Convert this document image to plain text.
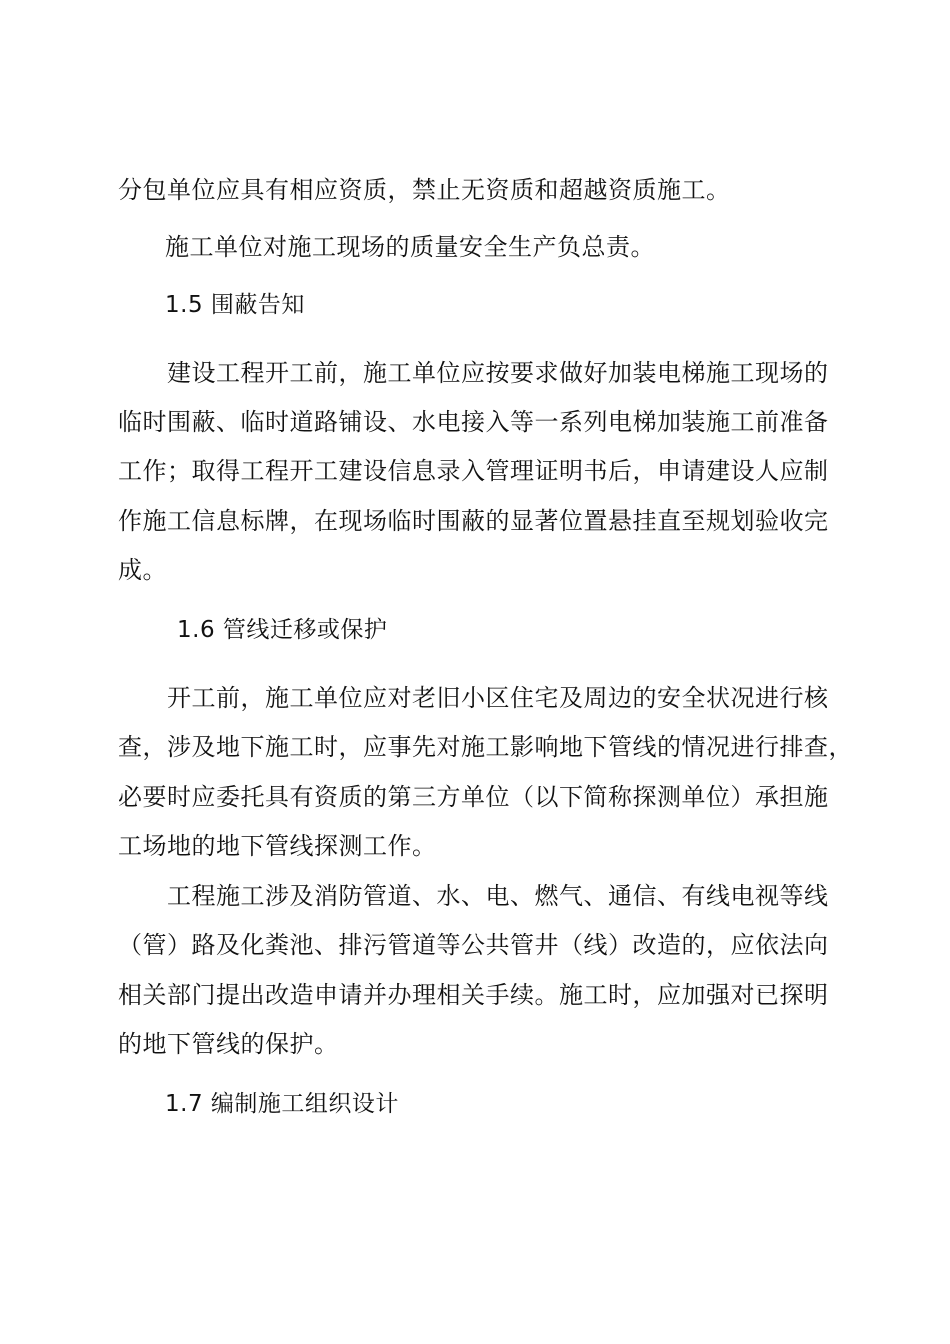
分包单位应具有相应资质，禁止无资质和超越资质施工。
施工单位对施工现场的质量安全生产负总责。
1.5 围蔽告知
建设工程开工前，施工单位应按要求做好加装电梯施工现场的
临时围蔽、临时道路铺设、水电接入等一系列电梯加装施工前准备
工作；取得工程开工建设信息录入管理证明书后，申请建设人应制
作施工信息标牌，在现场临时围蔽的显著位置悬挂直至规划验收完
成。
1.6 管线迁移或保护
开工前，施工单位应对老旧小区住宅及周边的安全状况进行核
查，涉及地下施工时，应事先对施工影响地下管线的情况进行排查，
必要时应委托具有资质的第三方单位（以下简称探测单位）承担施
工场地的地下管线探测工作。
工程施工涉及消防管道、水、电、燃气、通信、有线电视等线
（管）路及化粪池、排污管道等公共管井（线）改造的，应依法向
相关部门提出改造申请并办理相关手续。施工时，应加强对已探明
的地下管线的保护。
1.7 编制施工组织设计
